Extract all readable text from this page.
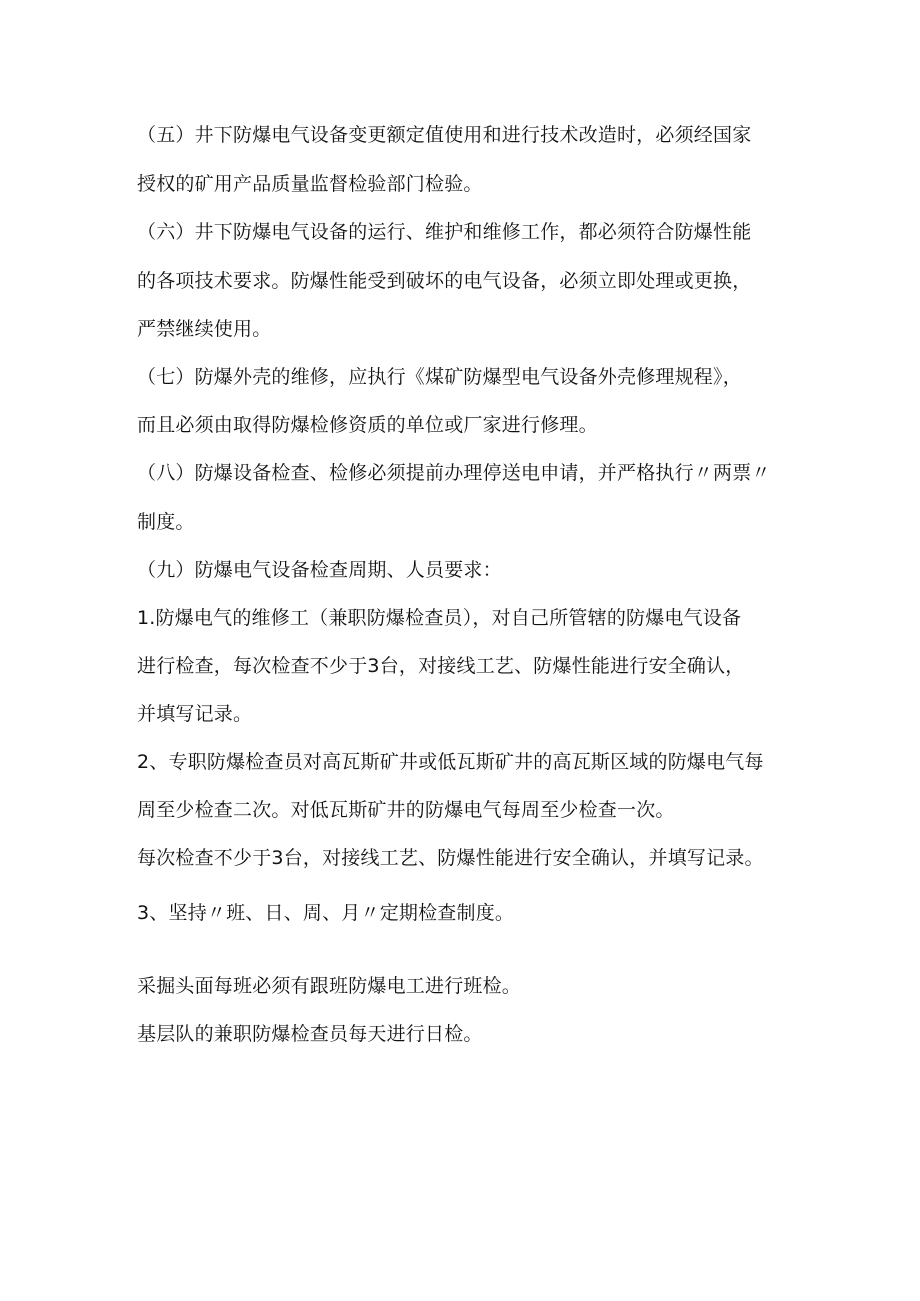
（五）井下防爆电气设备变更额定值使用和进行技术改造时，必须经国家
授权的矿用产品质量监督检验部门检验。
（六）井下防爆电气设备的运行、维护和维修工作，都必须符合防爆性能
的各项技术要求。防爆性能受到破坏的电气设备，必须立即处理或更换，
严禁继续使用。
（七）防爆外壳的维修，应执行《煤矿防爆型电气设备外壳修理规程》，
而且必须由取得防爆检修资质的单位或厂家进行修理。
（八）防爆设备检查、检修必须提前办理停送电申请，并严格执行〃两票〃
制度。
（九）防爆电气设备检查周期、人员要求：
1.防爆电气的维修工（兼职防爆检查员），对自己所管辖的防爆电气设备
进行检查，每次检查不少于3台，对接线工艺、防爆性能进行安全确认，
并填写记录。
2、专职防爆检查员对高瓦斯矿井或低瓦斯矿井的高瓦斯区域的防爆电气每
周至少检查二次。对低瓦斯矿井的防爆电气每周至少检查一次。
每次检查不少于3台，对接线工艺、防爆性能进行安全确认，并填写记录。
3、坚持〃班、日、周、月〃定期检查制度。
采掘头面每班必须有跟班防爆电工进行班检。
基层队的兼职防爆检查员每天进行日检。
